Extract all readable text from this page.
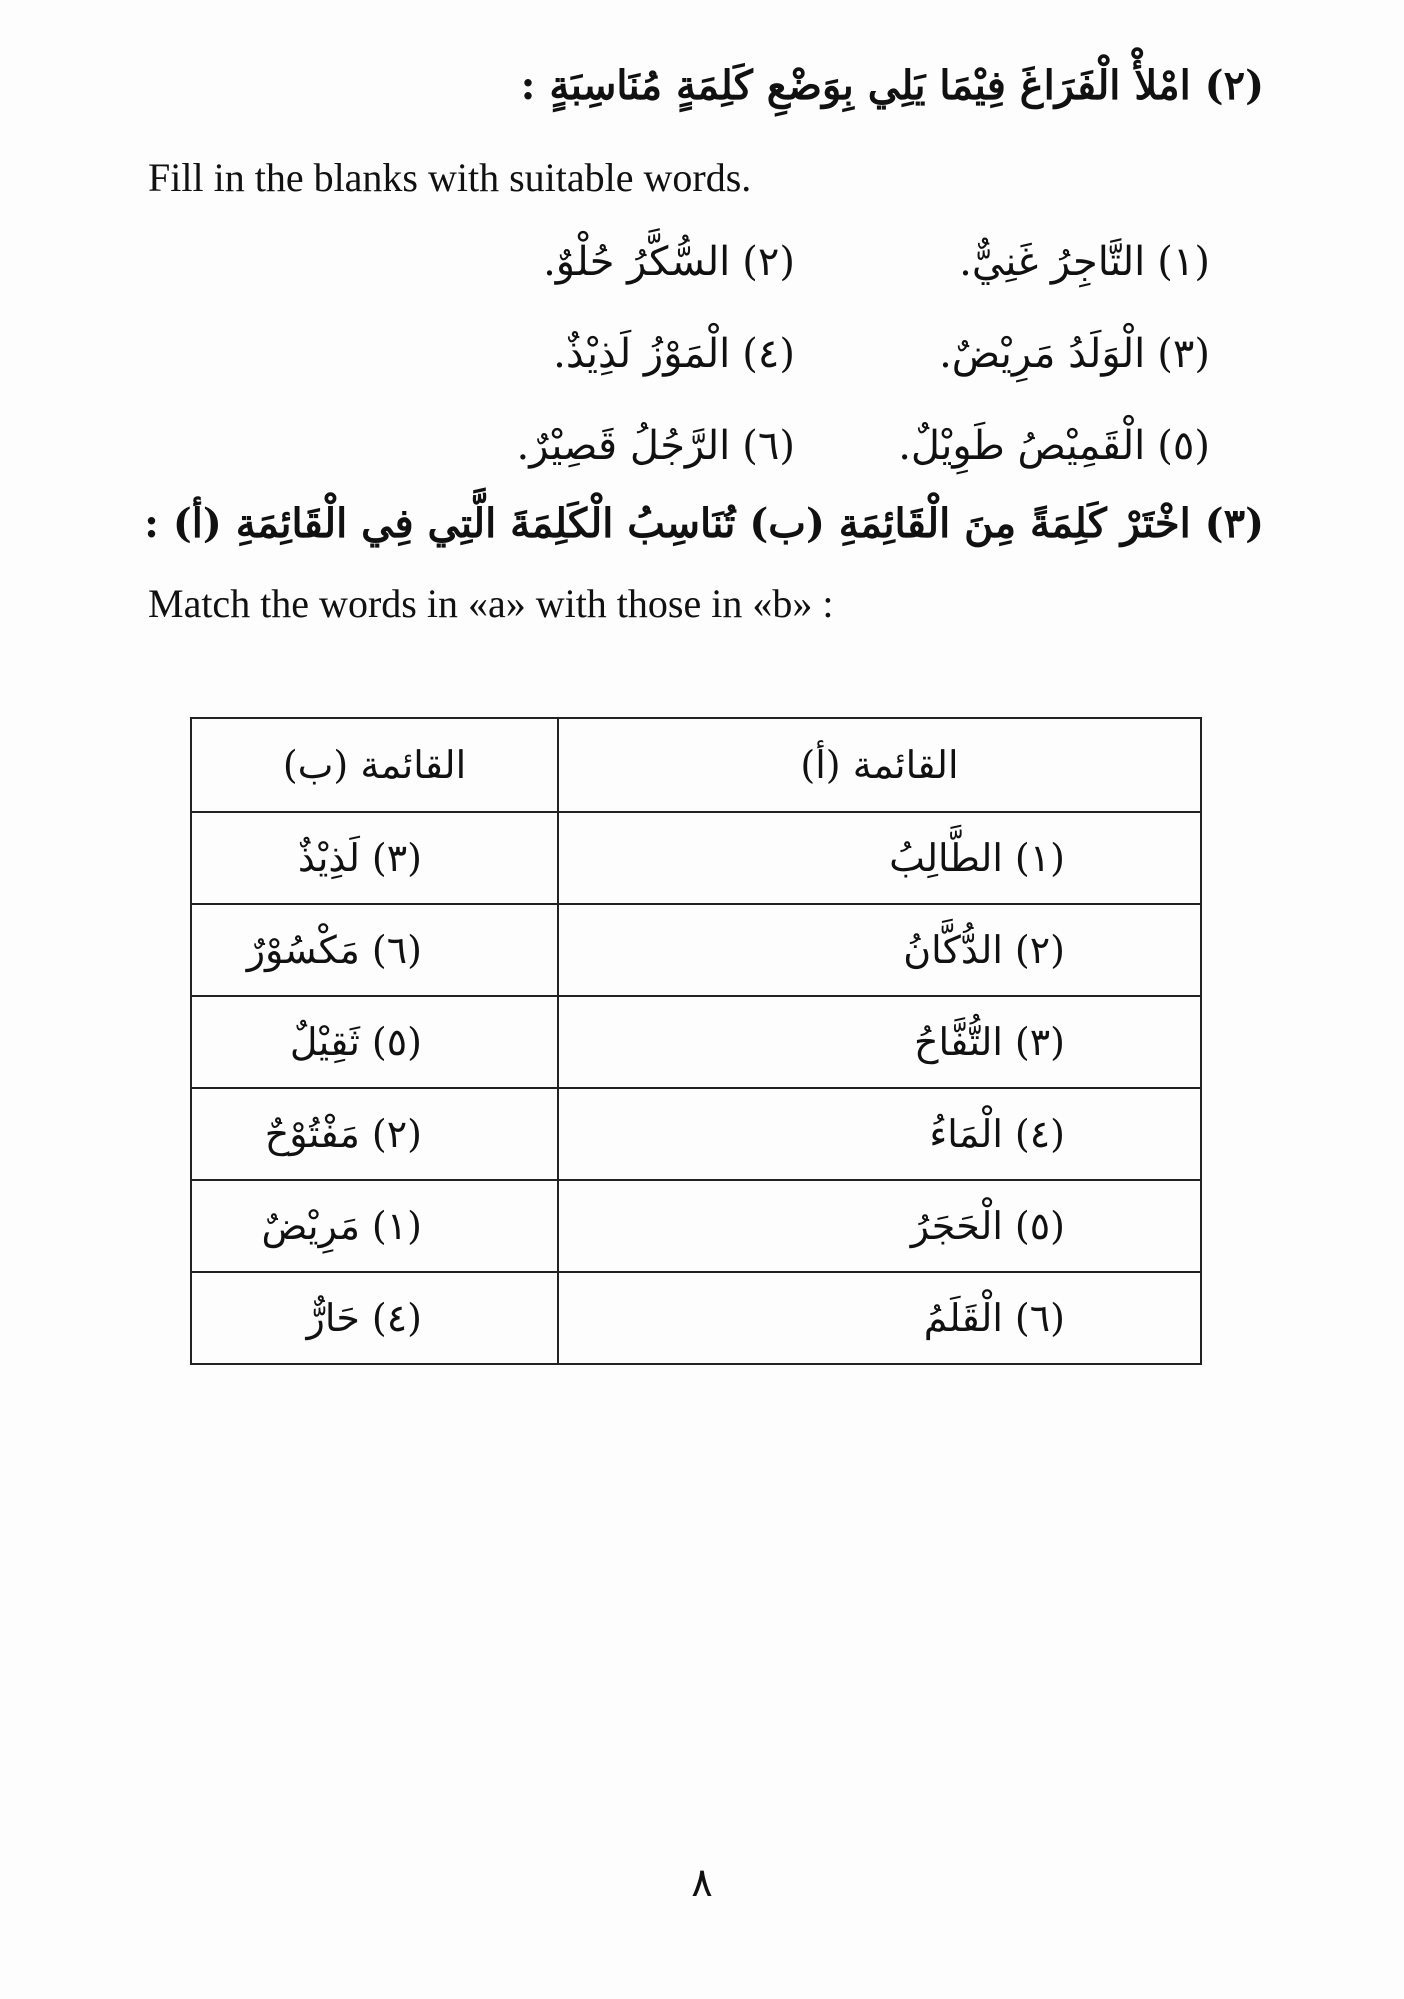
(٢) امْلأْ الْفَرَاغَ فِيْمَا يَلِي بِوَضْعِ كَلِمَةٍ مُنَاسِبَةٍ :
Fill in the blanks with suitable words.
(١)
التَّاجِرُ غَنِيٌّ.
(٢)
السُّكَّرُ حُلْوٌ.
(٣)
الْوَلَدُ مَرِيْضٌ.
(٤)
الْمَوْزُ لَذِيْذٌ.
(٥)
الْقَمِيْصُ طَوِيْلٌ.
(٦)
الرَّجُلُ قَصِيْرٌ.
(٣) اخْتَرْ كَلِمَةً مِنَ الْقَائِمَةِ (ب) تُنَاسِبُ الْكَلِمَةَ الَّتِي فِي الْقَائِمَةِ (أ) :
Match the words in «a» with those in «b» :
القائمة (أ)	القائمة (ب)
(١)الطَّالِبُ	(٣)لَذِيْذٌ
(٢)الدُّكَّانُ	(٦)مَكْسُوْرٌ
(٣)التُّفَّاحُ	(٥)ثَقِيْلٌ
(٤)الْمَاءُ	(٢)مَفْتُوْحٌ
(٥)الْحَجَرُ	(١)مَرِيْضٌ
(٦)الْقَلَمُ	(٤)حَارٌّ
٨
